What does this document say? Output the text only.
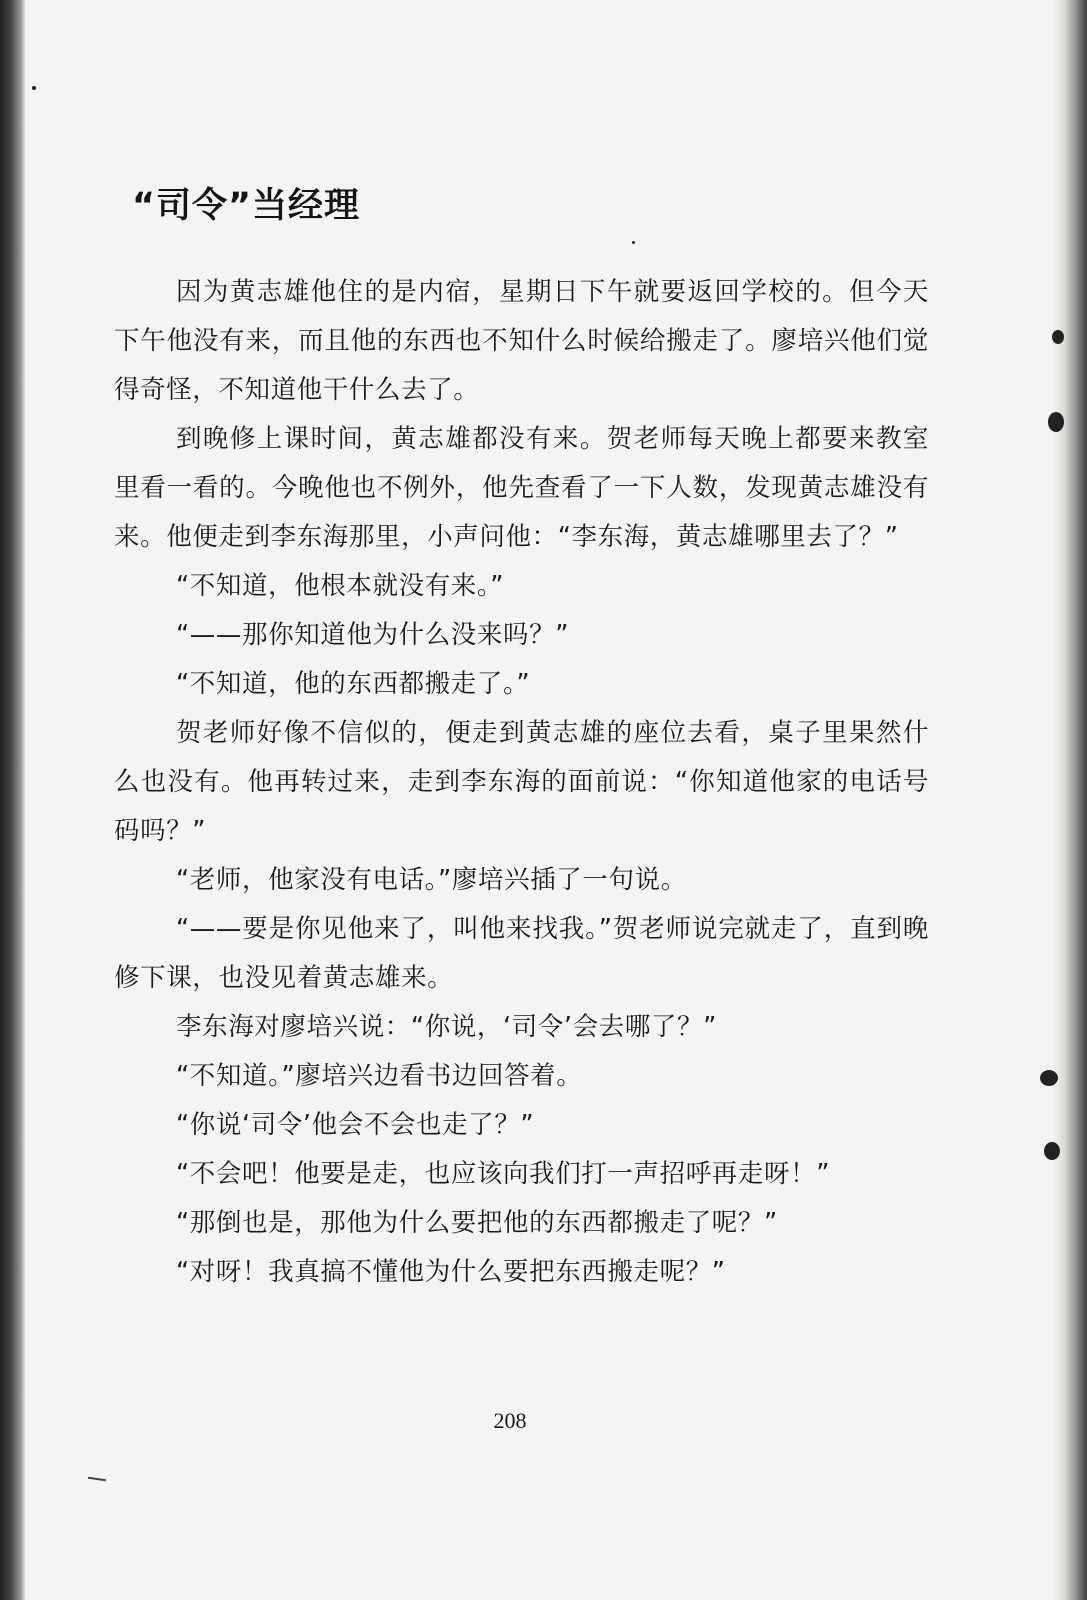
“司令”当经理

因为黄志雄他住的是内宿，星期日下午就要返回学校的。但今天下午他没有来，而且他的东西也不知什么时候给搬走了。廖培兴他们觉得奇怪，不知道他干什么去了。

到晚修上课时间，黄志雄都没有来。贺老师每天晚上都要来教室里看一看的。今晚他也不例外，他先查看了一下人数，发现黄志雄没有来。他便走到李东海那里，小声问他：“李东海，黄志雄哪里去了？”

“不知道，他根本就没有来。”

“——那你知道他为什么没来吗？”

“不知道，他的东西都搬走了。”

贺老师好像不信似的，便走到黄志雄的座位去看，桌子里果然什么也没有。他再转过来，走到李东海的面前说：“你知道他家的电话号码吗？”

“老师，他家没有电话。”廖培兴插了一句说。

“——要是你见他来了，叫他来找我。”贺老师说完就走了，直到晚修下课，也没见着黄志雄来。

李东海对廖培兴说：“你说，‘司令’会去哪了？”

“不知道。”廖培兴边看书边回答着。

“你说‘司令’他会不会也走了？”

“不会吧！他要是走，也应该向我们打一声招呼再走呀！”

“那倒也是，那他为什么要把他的东西都搬走了呢？”

“对呀！我真搞不懂他为什么要把东西搬走呢？”

208
